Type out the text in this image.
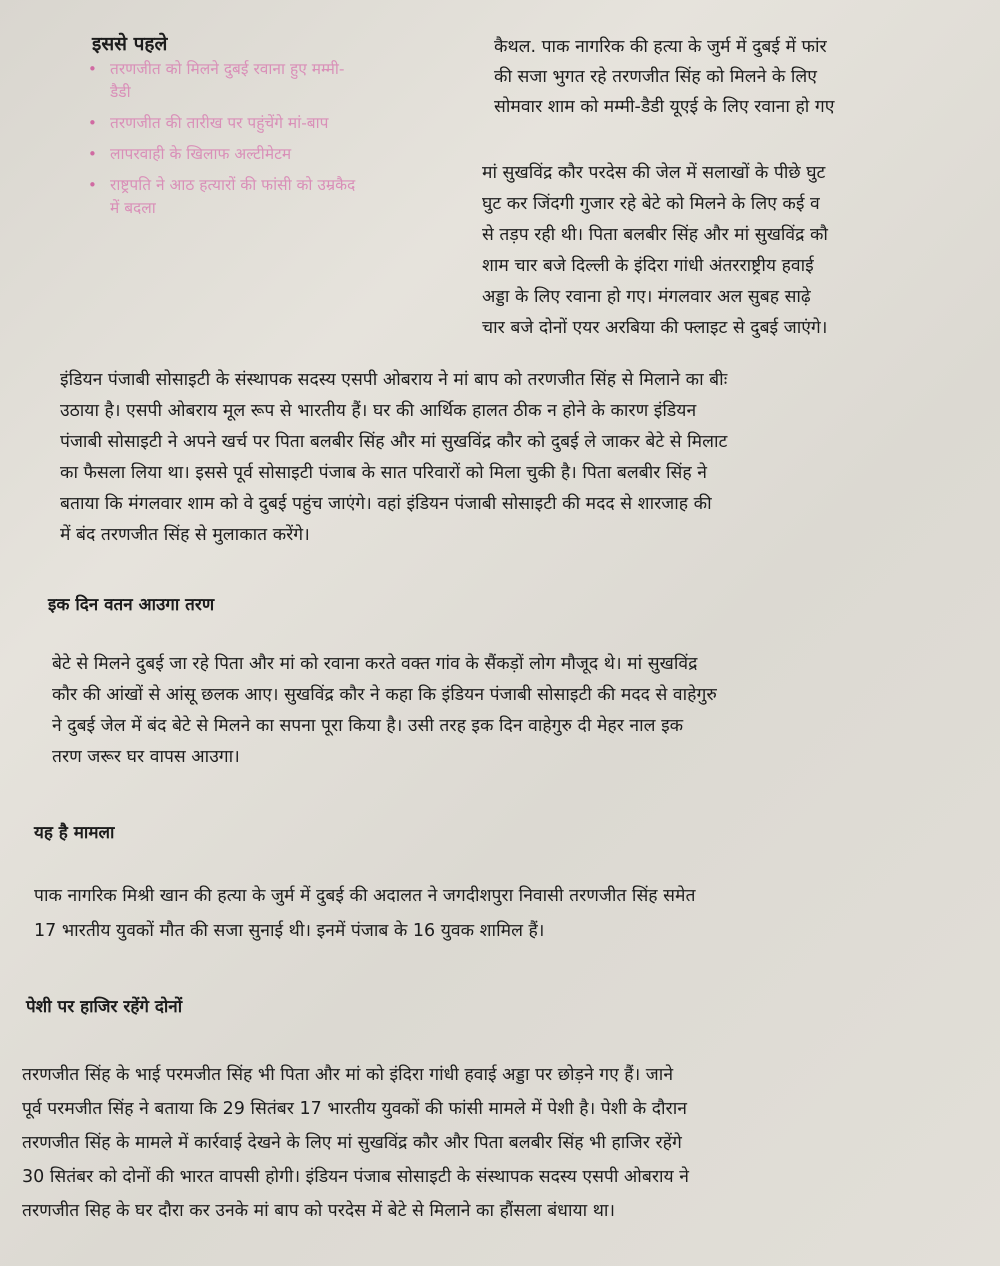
इससे पहले
• तरणजीत को मिलने दुबई रवाना हुए मम्मी-
डैडी
• तरणजीत की तारीख पर पहुंचेंगे मां-बाप
• लापरवाही के खिलाफ अल्टीमेटम
• राष्ट्रपति ने आठ हत्यारों की फांसी को उम्रकैद
में बदला

कैथल. पाक नागरिक की हत्या के जुर्म में दुबई में फांर

की सजा भुगत रहे तरणजीत सिंह को मिलने के लिए

सोमवार शाम को मम्मी-डैडी यूएई के लिए रवाना हो गए

मां सुखविंद्र कौर परदेस की जेल में सलाखों के पीछे घुट

घुट कर जिंदगी गुजार रहे बेटे को मिलने के लिए कई व

से तड़प रही थी। पिता बलबीर सिंह और मां सुखविंद्र कौ

शाम चार बजे दिल्ली के इंदिरा गांधी अंतरराष्ट्रीय हवाई

अड्डा के लिए रवाना हो गए। मंगलवार अल सुबह साढ़े

चार बजे दोनों एयर अरबिया की फ्लाइट से दुबई जाएंगे।

इंडियन पंजाबी सोसाइटी के संस्थापक सदस्य एसपी ओबराय ने मां बाप को तरणजीत सिंह से मिलाने का बीः

उठाया है। एसपी ओबराय मूल रूप से भारतीय हैं। घर की आर्थिक हालत ठीक न होने के कारण इंडियन

पंजाबी सोसाइटी ने अपने खर्च पर पिता बलबीर सिंह और मां सुखविंद्र कौर को दुबई ले जाकर बेटे से मिलाट

का फैसला लिया था। इससे पूर्व सोसाइटी पंजाब के सात परिवारों को मिला चुकी है। पिता बलबीर सिंह ने

बताया कि मंगलवार शाम को वे दुबई पहुंच जाएंगे। वहां इंडियन पंजाबी सोसाइटी की मदद से शारजाह की

में बंद तरणजीत सिंह से मुलाकात करेंगे।

इक दिन वतन आउगा तरण

बेटे से मिलने दुबई जा रहे पिता और मां को रवाना करते वक्त गांव के सैंकड़ों लोग मौजूद थे। मां सुखविंद्र

कौर की आंखों से आंसू छलक आए। सुखविंद्र कौर ने कहा कि इंडियन पंजाबी सोसाइटी की मदद से वाहेगुरु

ने दुबई जेल में बंद बेटे से मिलने का सपना पूरा किया है। उसी तरह इक दिन वाहेगुरु दी मेहर नाल इक

तरण जरूर घर वापस आउगा।

यह है मामला

पाक नागरिक मिश्री खान की हत्या के जुर्म में दुबई की अदालत ने जगदीशपुरा निवासी तरणजीत सिंह समेत

17 भारतीय युवकों मौत की सजा सुनाई थी। इनमें पंजाब के 16 युवक शामिल हैं।

पेशी पर हाजिर रहेंगे दोनों

तरणजीत सिंह के भाई परमजीत सिंह भी पिता और मां को इंदिरा गांधी हवाई अड्डा पर छोड़ने गए हैं। जाने

पूर्व परमजीत सिंह ने बताया कि 29 सितंबर 17 भारतीय युवकों की फांसी मामले में पेशी है। पेशी के दौरान

तरणजीत सिंह के मामले में कार्रवाई देखने के लिए मां सुखविंद्र कौर और पिता बलबीर सिंह भी हाजिर रहेंगे

30 सितंबर को दोनों की भारत वापसी होगी। इंडियन पंजाब सोसाइटी के संस्थापक सदस्य एसपी ओबराय ने

तरणजीत सिह के घर दौरा कर उनके मां बाप को परदेस में बेटे से मिलाने का हौंसला बंधाया था।
